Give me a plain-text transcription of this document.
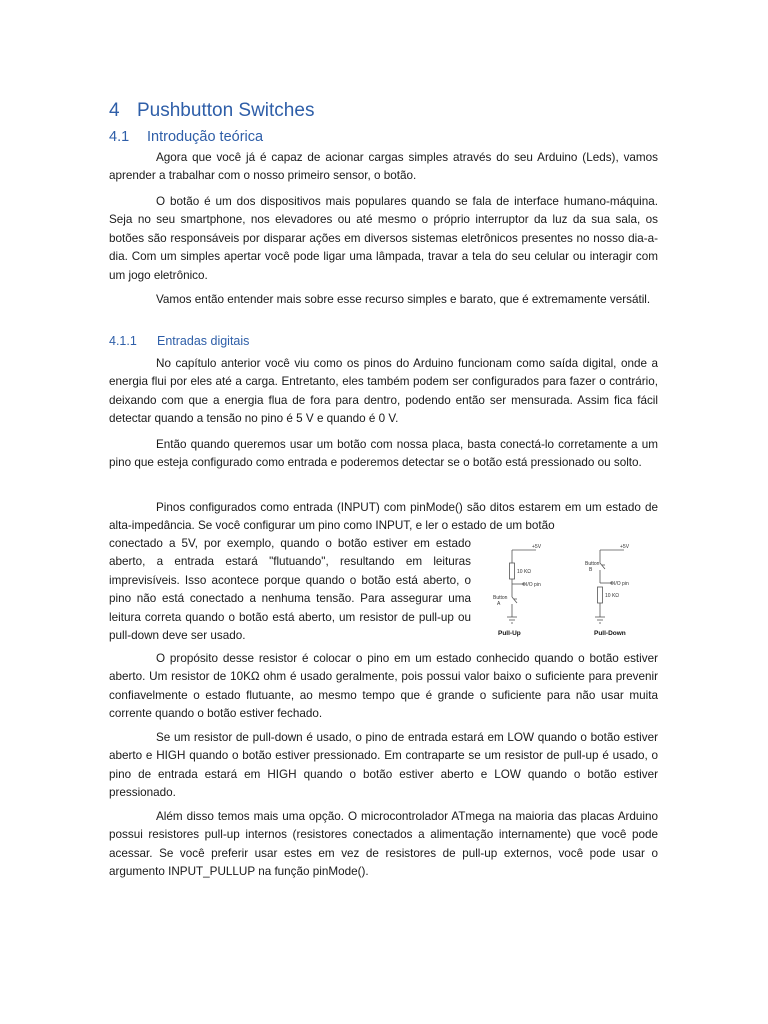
4 Pushbutton Switches
4.1 Introdução teórica

Agora que você já é capaz de acionar cargas simples através do seu Arduino (Leds), vamos aprender a trabalhar com o nosso primeiro sensor, o botão.

O botão é um dos dispositivos mais populares quando se fala de interface humano-máquina. Seja no seu smartphone, nos elevadores ou até mesmo o próprio interruptor da luz da sua sala, os botões são responsáveis por disparar ações em diversos sistemas eletrônicos presentes no nosso dia-a-dia. Com um simples apertar você pode ligar uma lâmpada, travar a tela do seu celular ou interagir com um jogo eletrônico.

Vamos então entender mais sobre esse recurso simples e barato, que é extremamente versátil.

4.1.1 Entradas digitais

No capítulo anterior você viu como os pinos do Arduino funcionam como saída digital, onde a energia flui por eles até a carga. Entretanto, eles também podem ser configurados para fazer o contrário, deixando com que a energia flua de fora para dentro, podendo então ser mensurada. Assim fica fácil detectar quando a tensão no pino é 5 V e quando é 0 V.

Então quando queremos usar um botão com nossa placa, basta conectá-lo corretamente a um pino que esteja configurado como entrada e poderemos detectar se o botão está pressionado ou solto.

Pinos configurados como entrada (INPUT) com pinMode() são ditos estarem em um estado de alta-impedância. Se você configurar um pino como INPUT, e ler o estado de um botão

conectado a 5V, por exemplo, quando o botão estiver em estado aberto, a entrada estará "flutuando", resultando em leituras imprevisíveis. Isso acontece porque quando o botão está aberto, o pino não está conectado a nenhuma tensão. Para assegurar uma leitura correta quando o botão está aberto, um resistor de pull-up ou pull-down deve ser usado.

+5V
10 KΩ
I/O pin
Button
A
+5V
Button
B
I/O pin
10 KΩ
Pull-Up	Pull-Down

O propósito desse resistor é colocar o pino em um estado conhecido quando o botão estiver aberto. Um resistor de 10KΩ ohm é usado geralmente, pois possui valor baixo o suficiente para prevenir confiavelmente o estado flutuante, ao mesmo tempo que é grande o suficiente para não usar muita corrente quando o botão estiver fechado.

Se um resistor de pull-down é usado, o pino de entrada estará em LOW quando o botão estiver aberto e HIGH quando o botão estiver pressionado. Em contraparte se um resistor de pull-up é usado, o pino de entrada estará em HIGH quando o botão estiver aberto e LOW quando o botão estiver pressionado.

Além disso temos mais uma opção. O microcontrolador ATmega na maioria das placas Arduino possui resistores pull-up internos (resistores conectados a alimentação internamente) que você pode acessar. Se você preferir usar estes em vez de resistores de pull-up externos, você pode usar o argumento INPUT_PULLUP na função pinMode().
